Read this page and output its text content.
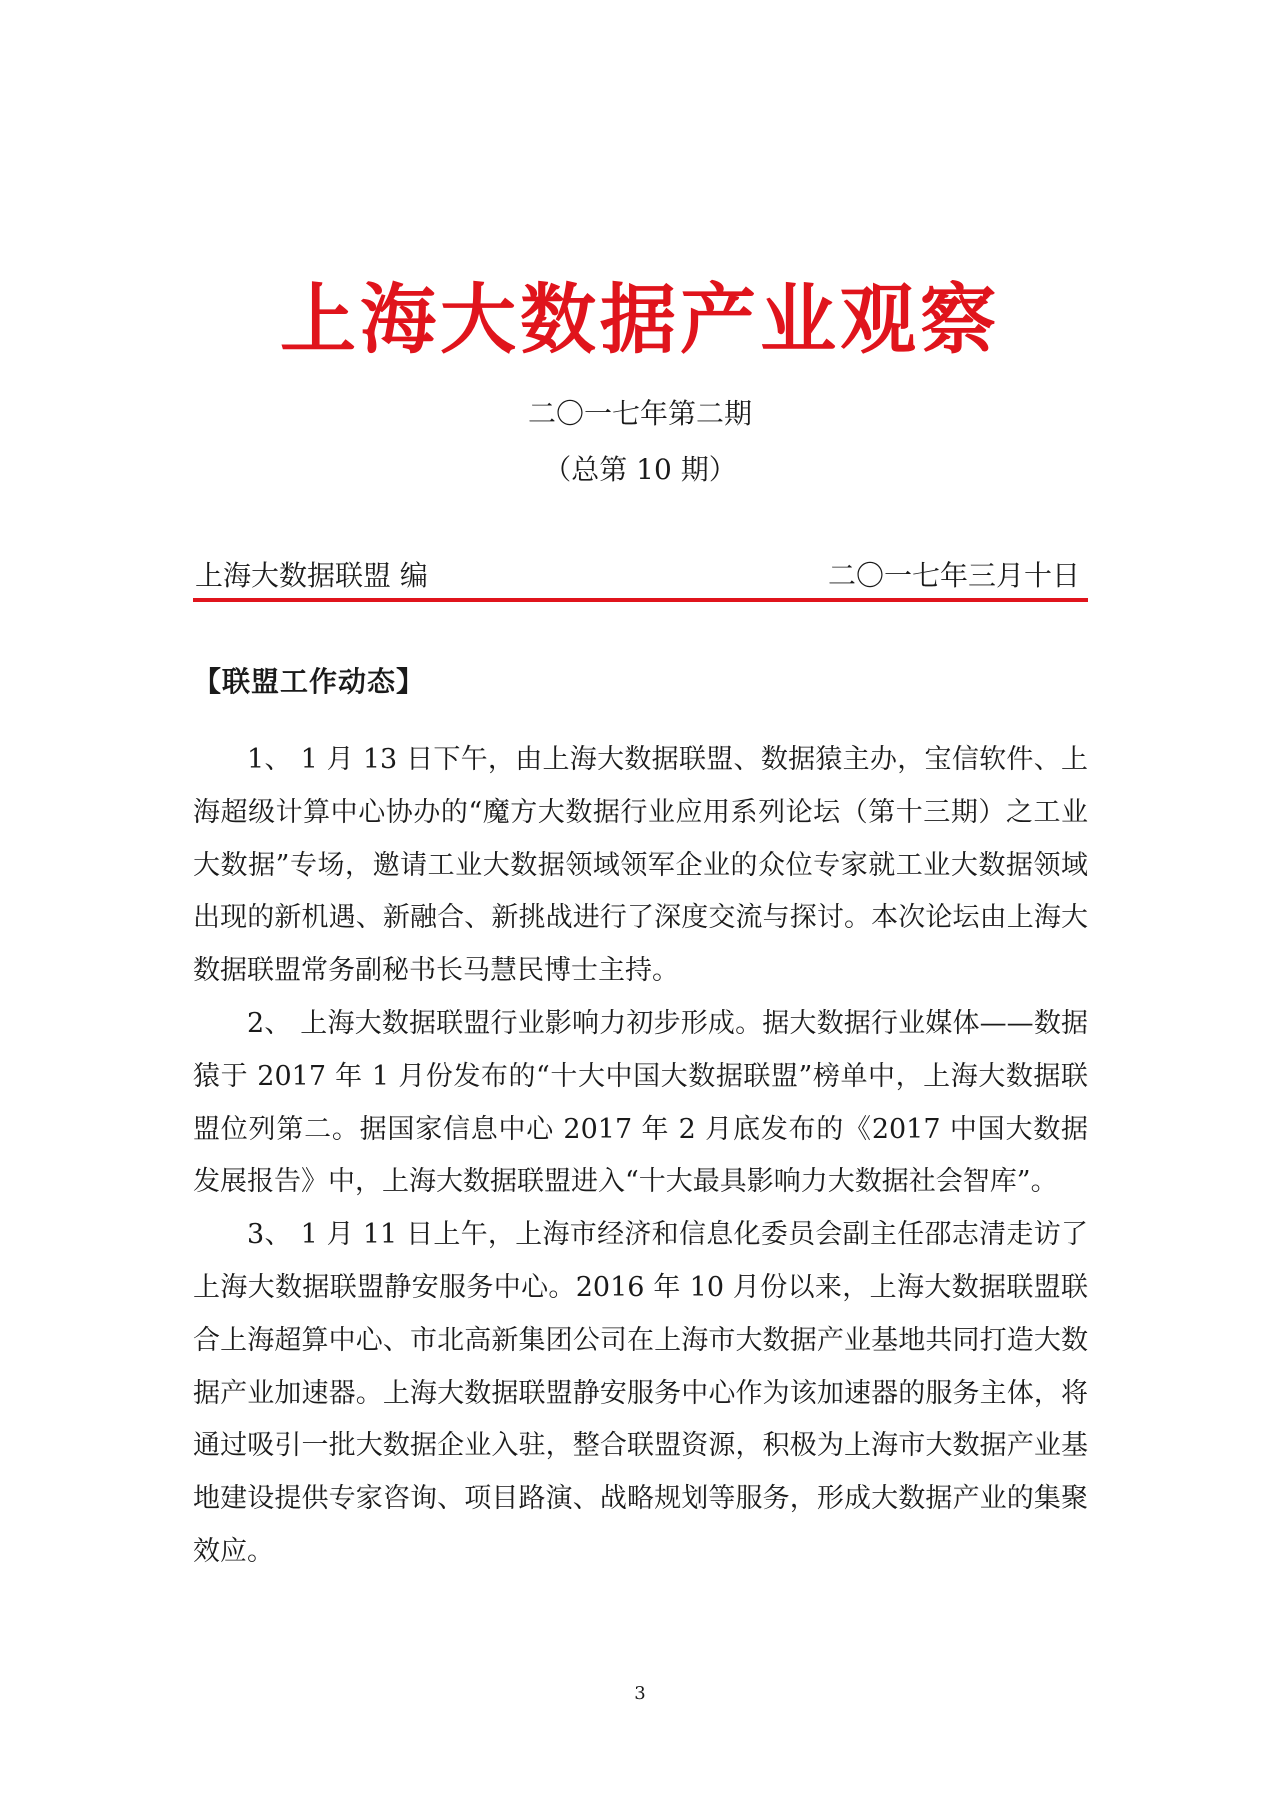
上海大数据产业观察
二〇一七年第二期
（总第 10 期）
上海大数据联盟 编	二〇一七年三月十日
【联盟工作动态】

1、 1 月 13 日下午，由上海大数据联盟、数据猿主办，宝信软件、上海超级计算中心协办的“魔方大数据行业应用系列论坛（第十三期）之工业大数据”专场，邀请工业大数据领域领军企业的众位专家就工业大数据领域出现的新机遇、新融合、新挑战进行了深度交流与探讨。本次论坛由上海大数据联盟常务副秘书长马慧民博士主持。

2、 上海大数据联盟行业影响力初步形成。据大数据行业媒体——数据猿于 2017 年 1 月份发布的“十大中国大数据联盟”榜单中，上海大数据联盟位列第二。据国家信息中心 2017 年 2 月底发布的《2017 中国大数据发展报告》中，上海大数据联盟进入“十大最具影响力大数据社会智库”。

3、 1 月 11 日上午，上海市经济和信息化委员会副主任邵志清走访了上海大数据联盟静安服务中心。2016 年 10 月份以来，上海大数据联盟联合上海超算中心、市北高新集团公司在上海市大数据产业基地共同打造大数据产业加速器。上海大数据联盟静安服务中心作为该加速器的服务主体，将通过吸引一批大数据企业入驻，整合联盟资源，积极为上海市大数据产业基地建设提供专家咨询、项目路演、战略规划等服务，形成大数据产业的集聚效应。

3
